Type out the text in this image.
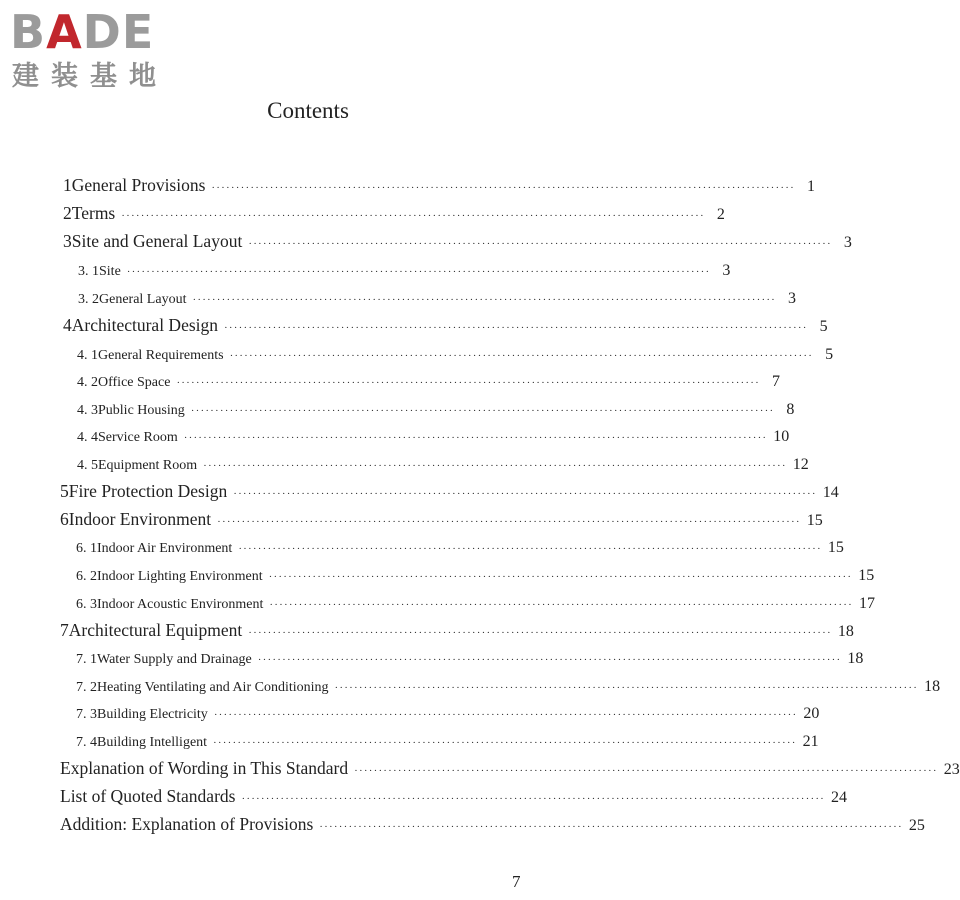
BADE
建装基地
Contents
1 General Provisions ························································································································ 1
2 Terms ························································································································ 2
3 Site and General Layout ························································································································ 3
3. 1 Site ························································································································ 3
3. 2 General Layout ························································································································ 3
4 Architectural Design ························································································································ 5
4. 1 General Requirements ························································································································ 5
4. 2 Office Space ························································································································ 7
4. 3 Public Housing ························································································································ 8
4. 4 Service Room ························································································································ 10
4. 5 Equipment Room ························································································································ 12
5 Fire Protection Design ························································································································ 14
6 Indoor Environment ························································································································ 15
6. 1 Indoor Air Environment ························································································································ 15
6. 2 Indoor Lighting Environment ························································································································ 15
6. 3 Indoor Acoustic Environment ························································································································ 17
7 Architectural Equipment ························································································································ 18
7. 1 Water Supply and Drainage ························································································································ 18
7. 2 Heating Ventilating and Air Conditioning ························································································································ 18
7. 3 Building Electricity ························································································································ 20
7. 4 Building Intelligent ························································································································ 21
Explanation of Wording in This Standard ························································································································ 23
List of Quoted Standards ························································································································ 24
Addition: Explanation of Provisions ························································································································ 25
7
